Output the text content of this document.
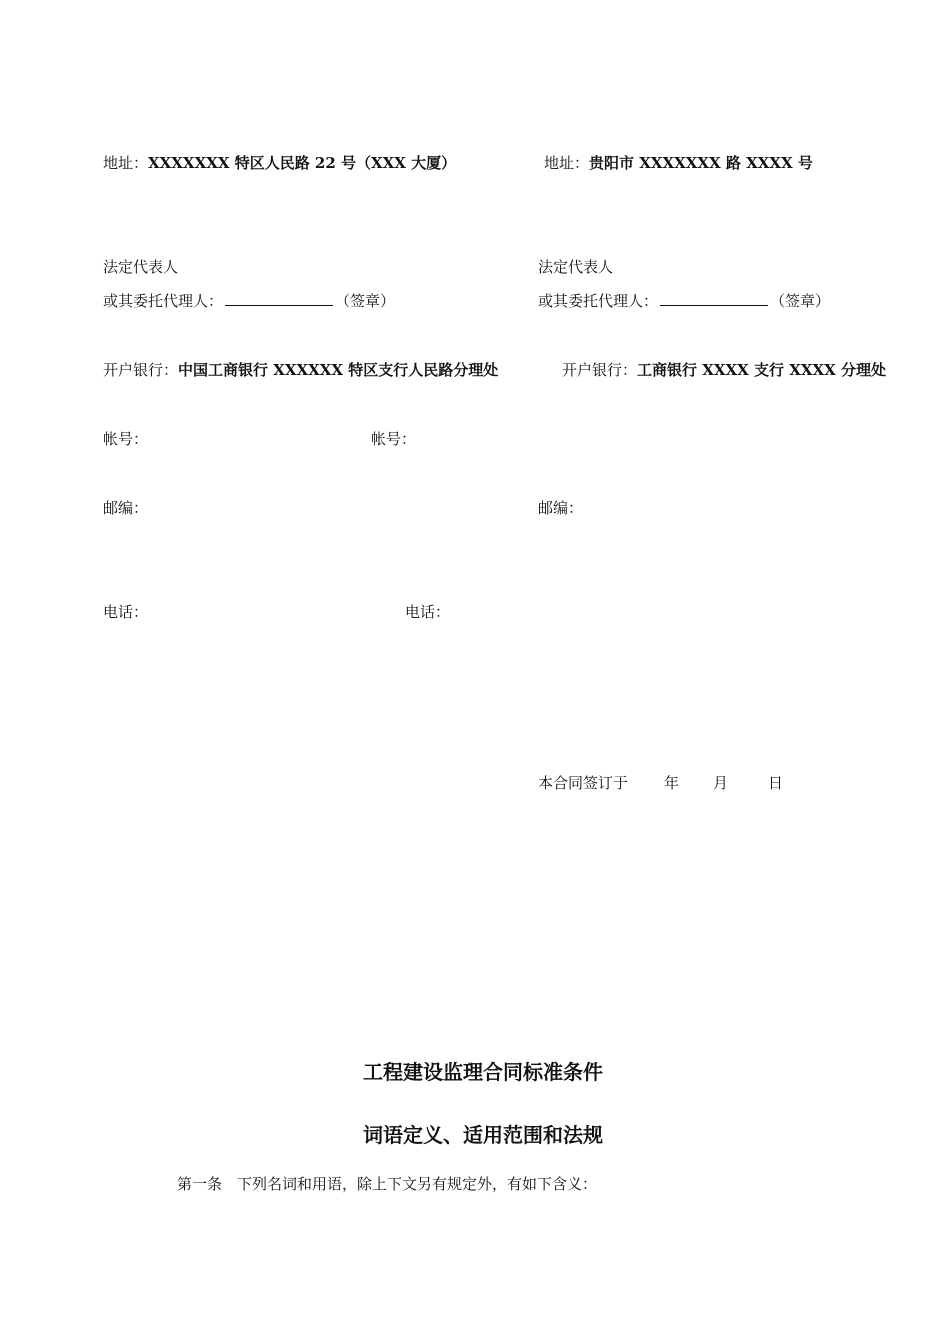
地址：XXXXXXX 特区人民路 22 号（XXX 大厦）	地址：贵阳市 XXXXXXX 路 XXXX 号
法定代表人	法定代表人
或其委托代理人：	（签章）	或其委托代理人：	（签章）
开户银行：中国工商银行 XXXXXX 特区支行人民路分理处	开户银行：工商银行 XXXX 支行 XXXX 分理处
帐号：	帐号：
邮编：	邮编：
电话：	电话：
本合同签订于 年 月	日
工程建设监理合同标准条件
词语定义、适用范围和法规
第一条　下列名词和用语，除上下文另有规定外，有如下含义：
